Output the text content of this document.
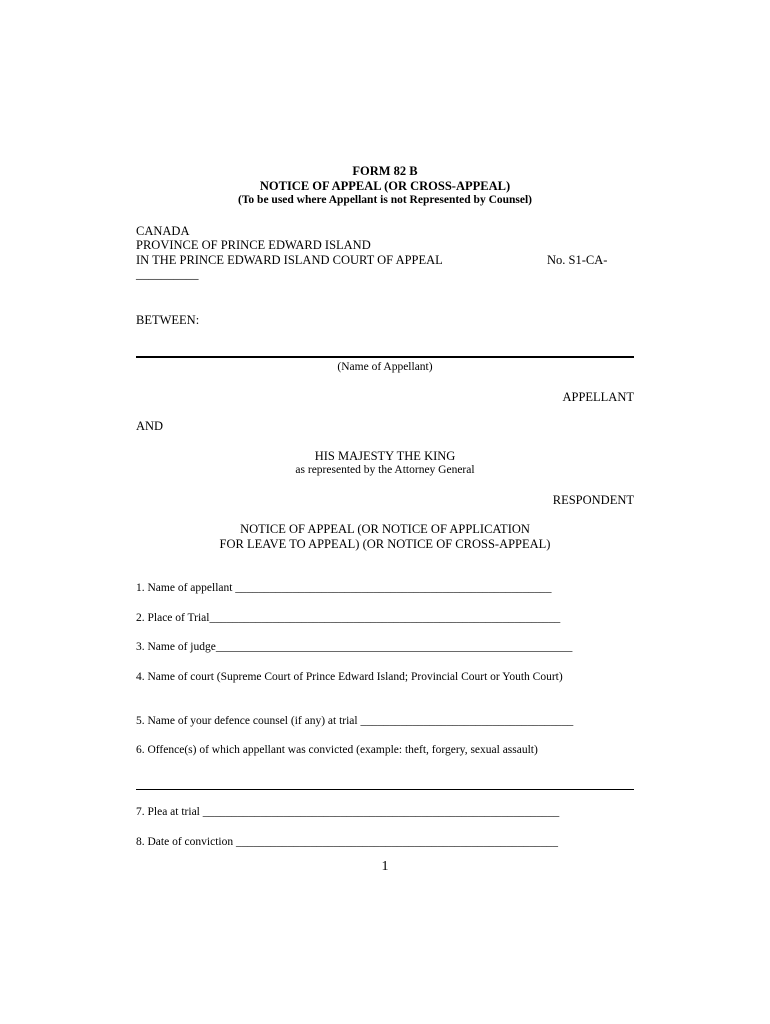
FORM 82 B
NOTICE OF APPEAL (OR CROSS-APPEAL)
(To be used where Appellant is not Represented by Counsel)
CANADA
PROVINCE OF PRINCE EDWARD ISLAND
IN THE PRINCE EDWARD ISLAND COURT OF APPEAL	No. S1-CA-
__________
BETWEEN:
(Name of Appellant)
APPELLANT
AND
HIS MAJESTY THE KING
as represented by the Attorney General
RESPONDENT
NOTICE OF APPEAL (OR NOTICE OF APPLICATION
FOR LEAVE TO APPEAL) (OR NOTICE OF CROSS-APPEAL)
1. Name of appellant _______________________________________________________
2. Place of Trial_____________________________________________________________
3. Name of judge______________________________________________________________
4. Name of court (Supreme Court of Prince Edward Island; Provincial Court or Youth Court)
5. Name of your defence counsel (if any) at trial _____________________________________
6. Offence(s) of which appellant was convicted (example: theft, forgery, sexual assault)
7. Plea at trial ______________________________________________________________
8. Date of conviction ________________________________________________________
1
